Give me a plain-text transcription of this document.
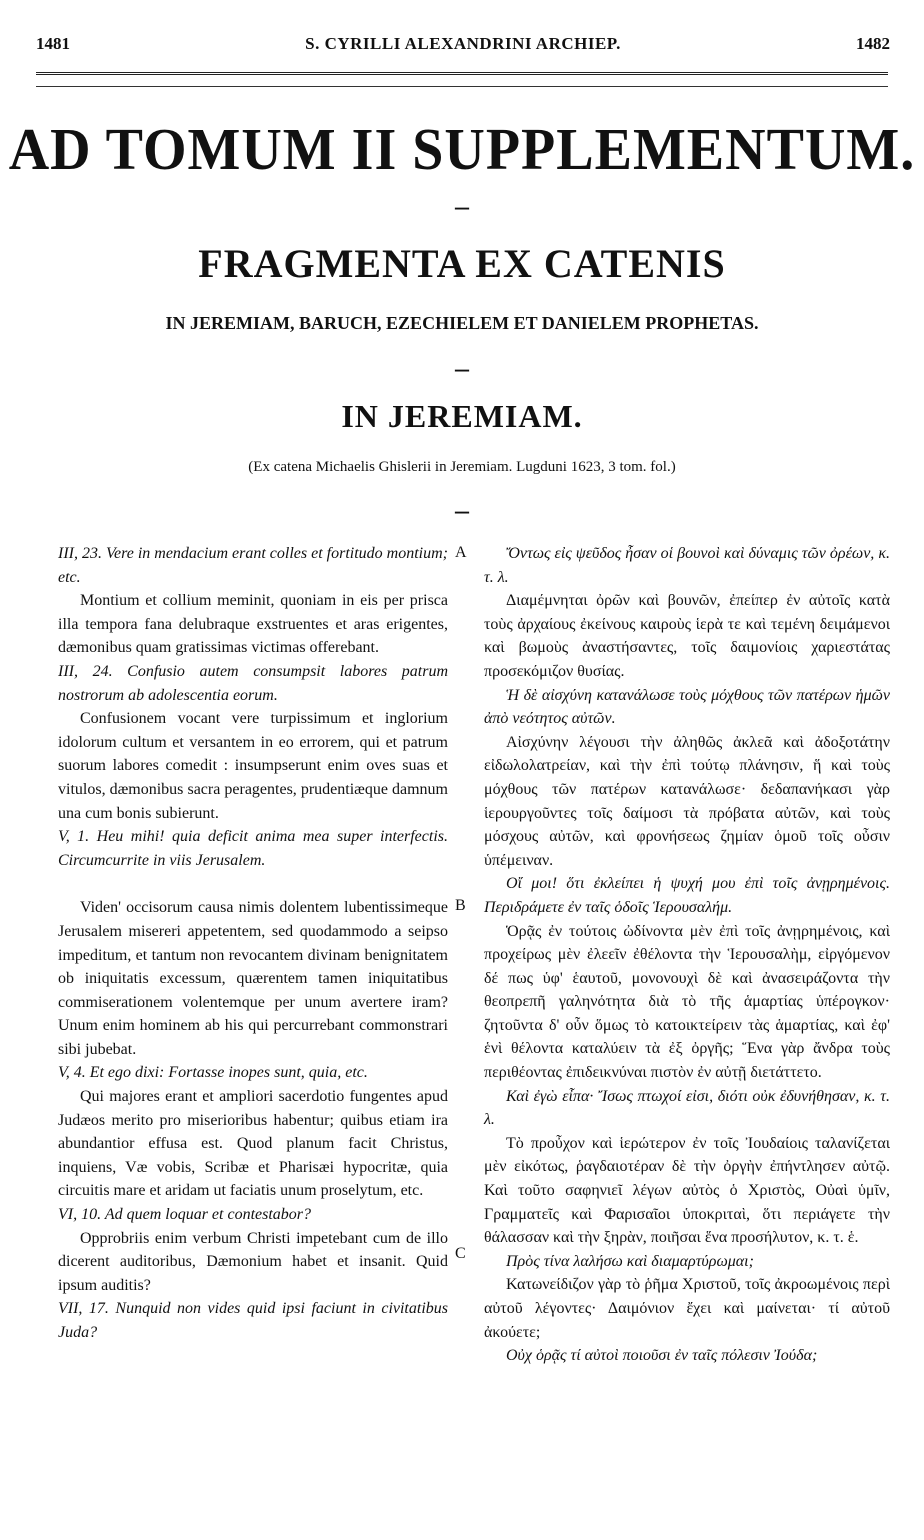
1481	S. CYRILLI ALEXANDRINI ARCHIEP.	1482
AD TOMUM II SUPPLEMENTUM.
—
FRAGMENTA EX CATENIS
IN JEREMIAM, BARUCH, EZECHIELEM ET DANIELEM PROPHETAS.
—
IN JEREMIAM.
(Ex catena Michaelis Ghislerii in Jeremiam. Lugduni 1623, 3 tom. fol.)
—
A
B
C

III, 23. Vere in mendacium erant colles et fortitudo montium; etc.

Montium et collium meminit, quoniam in eis per prisca illa tempora fana delubraque exstruentes et aras erigentes, dæmonibus quam gratissimas victimas offerebant.

III, 24. Confusio autem consumpsit labores patrum nostrorum ab adolescentia eorum.

Confusionem vocant vere turpissimum et inglorium idolorum cultum et versantem in eo errorem, qui et patrum suorum labores comedit : insumpserunt enim oves suas et vitulos, dæmonibus sacra peragentes, prudentiæque damnum una cum bonis subierunt.

V, 1. Heu mihi! quia deficit anima mea super interfectis. Circumcurrite in viis Jerusalem.

Viden' occisorum causa nimis dolentem lubentissimeque Jerusalem misereri appetentem, sed quodammodo a seipso impeditum, et tantum non revocantem divinam benignitatem ob iniquitatis excessum, quærentem tamen iniquitatibus commiserationem volentemque per unum avertere iram? Unum enim hominem ab his qui percurrebant commonstrari sibi jubebat.

V, 4. Et ego dixi: Fortasse inopes sunt, quia, etc.

Qui majores erant et ampliori sacerdotio fungentes apud Judæos merito pro miserioribus habentur; quibus etiam ira abundantior effusa est. Quod planum facit Christus, inquiens, Væ vobis, Scribæ et Pharisæi hypocritæ, quia circuitis mare et aridam ut faciatis unum proselytum, etc.

VI, 10. Ad quem loquar et contestabor?

Opprobriis enim verbum Christi impetebant cum de illo dicerent auditoribus, Dæmonium habet et insanit. Quid ipsum auditis?

VII, 17. Nunquid non vides quid ipsi faciunt in civitatibus Juda?

Ὄντως εἰς ψεῦδος ἦσαν οἱ βουνοὶ καὶ δύναμις τῶν ὀρέων, κ. τ. λ.

Διαμέμνηται ὀρῶν καὶ βουνῶν, ἐπείπερ ἐν αὐτοῖς κατὰ τοὺς ἀρχαίους ἐκείνους καιροὺς ἱερὰ τε καὶ τεμένη δειμάμενοι καὶ βωμοὺς ἀναστήσαντες, τοῖς δαιμονίοις χαριεστάτας προσεκόμιζον θυσίας.

Ἡ δὲ αἰσχύνη κατανάλωσε τοὺς μόχθους τῶν πατέρων ἡμῶν ἀπὸ νεότητος αὐτῶν.

Αἰσχύνην λέγουσι τὴν ἀληθῶς ἀκλεᾶ καὶ ἀδοξοτάτην εἰδωλολατρείαν, καὶ τὴν ἐπὶ τούτῳ πλάνησιν, ἥ καὶ τοὺς μόχθους τῶν πατέρων κατανάλωσε· δεδαπανήκασι γὰρ ἱερουργοῦντες τοῖς δαίμοσι τὰ πρόβατα αὐτῶν, καὶ τοὺς μόσχους αὐτῶν, καὶ φρονήσεως ζημίαν ὁμοῦ τοῖς οὖσιν ὑπέμειναν.

Οἴ μοι! ὅτι ἐκλείπει ἡ ψυχή μου ἐπὶ τοῖς ἀνῃρημένοις. Περιδράμετε ἐν ταῖς ὁδοῖς Ἱερουσαλήμ.

Ὁρᾷς ἐν τούτοις ὠδίνοντα μὲν ἐπὶ τοῖς ἀνῃρημένοις, καὶ προχείρως μὲν ἐλεεῖν ἐθέλοντα τὴν Ἱερουσαλὴμ, εἰργόμενον δέ πως ὑφ' ἑαυτοῦ, μονονουχὶ δὲ καὶ ἀνασειράζοντα τὴν θεοπρεπῆ γαληνότητα διὰ τὸ τῆς ἁμαρτίας ὑπέρογκον· ζητοῦντα δ' οὖν ὅμως τὸ κατοικτείρειν τὰς ἁμαρτίας, καὶ ἐφ' ἑνὶ θέλοντα καταλύειν τὰ ἐξ ὀργῆς; Ἕνα γὰρ ἄνδρα τοὺς περιθέοντας ἐπιδεικνύναι πιστὸν ἐν αὐτῇ διετάττετο.

Καὶ ἐγὼ εἶπα· Ἴσως πτωχοί εἰσι, διότι οὐκ ἐδυνήθησαν, κ. τ. λ.

Τὸ προὖχον καὶ ἱερώτερον ἐν τοῖς Ἰουδαίοις ταλανίζεται μὲν εἰκότως, ῥαγδαιοτέραν δὲ τὴν ὀργὴν ἐπήντλησεν αὐτῷ. Καὶ τοῦτο σαφηνιεῖ λέγων αὐτὸς ὁ Χριστὸς, Οὐαὶ ὑμῖν, Γραμματεῖς καὶ Φαρισαῖοι ὑποκριταὶ, ὅτι περιάγετε τὴν θάλασσαν καὶ τὴν ξηρὰν, ποιῆσαι ἕνα προσήλυτον, κ. τ. ἑ.

Πρὸς τίνα λαλήσω καὶ διαμαρτύρωμαι;

Κατωνείδιζον γὰρ τὸ ῥῆμα Χριστοῦ, τοῖς ἀκροωμένοις περὶ αὐτοῦ λέγοντες· Δαιμόνιον ἔχει καὶ μαίνεται· τί αὐτοῦ ἀκούετε;

Οὐχ ὁρᾷς τί αὐτοὶ ποιοῦσι ἐν ταῖς πόλεσιν Ἰούδα;
